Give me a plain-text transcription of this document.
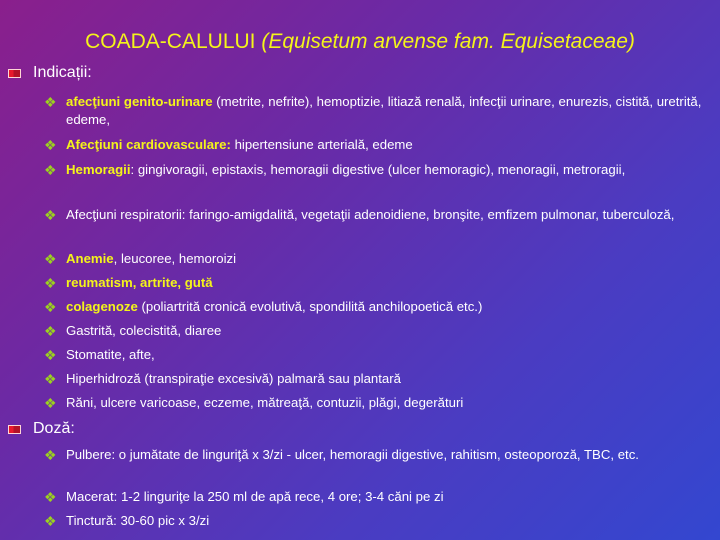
COADA-CALULUI (Equisetum arvense fam. Equisetaceae)
Indicații:
❖ afecţiuni genito-urinare (metrite, nefrite), hemoptizie, litiază renală, infecţii urinare, enurezis, cistită, uretrită, edeme,
❖ Afecţiuni cardiovasculare: hipertensiune arterială, edeme
❖ Hemoragii: gingivoragii, epistaxis, hemoragii digestive (ulcer hemoragic), menoragii, metroragii,
❖ Afecţiuni respiratorii: faringo-amigdalită, vegetaţii adenoidiene, bronşite, emfizem pulmonar, tuberculoză,
❖ Anemie, leucoree, hemoroizi
❖ reumatism, artrite, gută
❖ colagenoze (poliartrită cronică evolutivă, spondilită anchilopoetică etc.)
❖ Gastrită, colecistită, diaree
❖ Stomatite, afte,
❖ Hiperhidroză (transpiraţie excesivă) palmară sau plantară
❖ Răni, ulcere varicoase, eczeme, mătreaţă, contuzii, plăgi, degerături
Doză:
❖ Pulbere: o jumătate de linguriţă x 3/zi - ulcer, hemoragii digestive, rahitism, osteoporoză, TBC, etc.
❖ Macerat: 1-2 linguriţe la 250 ml de apă rece, 4 ore; 3-4 căni pe zi
❖ Tinctură: 30-60 pic x 3/zi
